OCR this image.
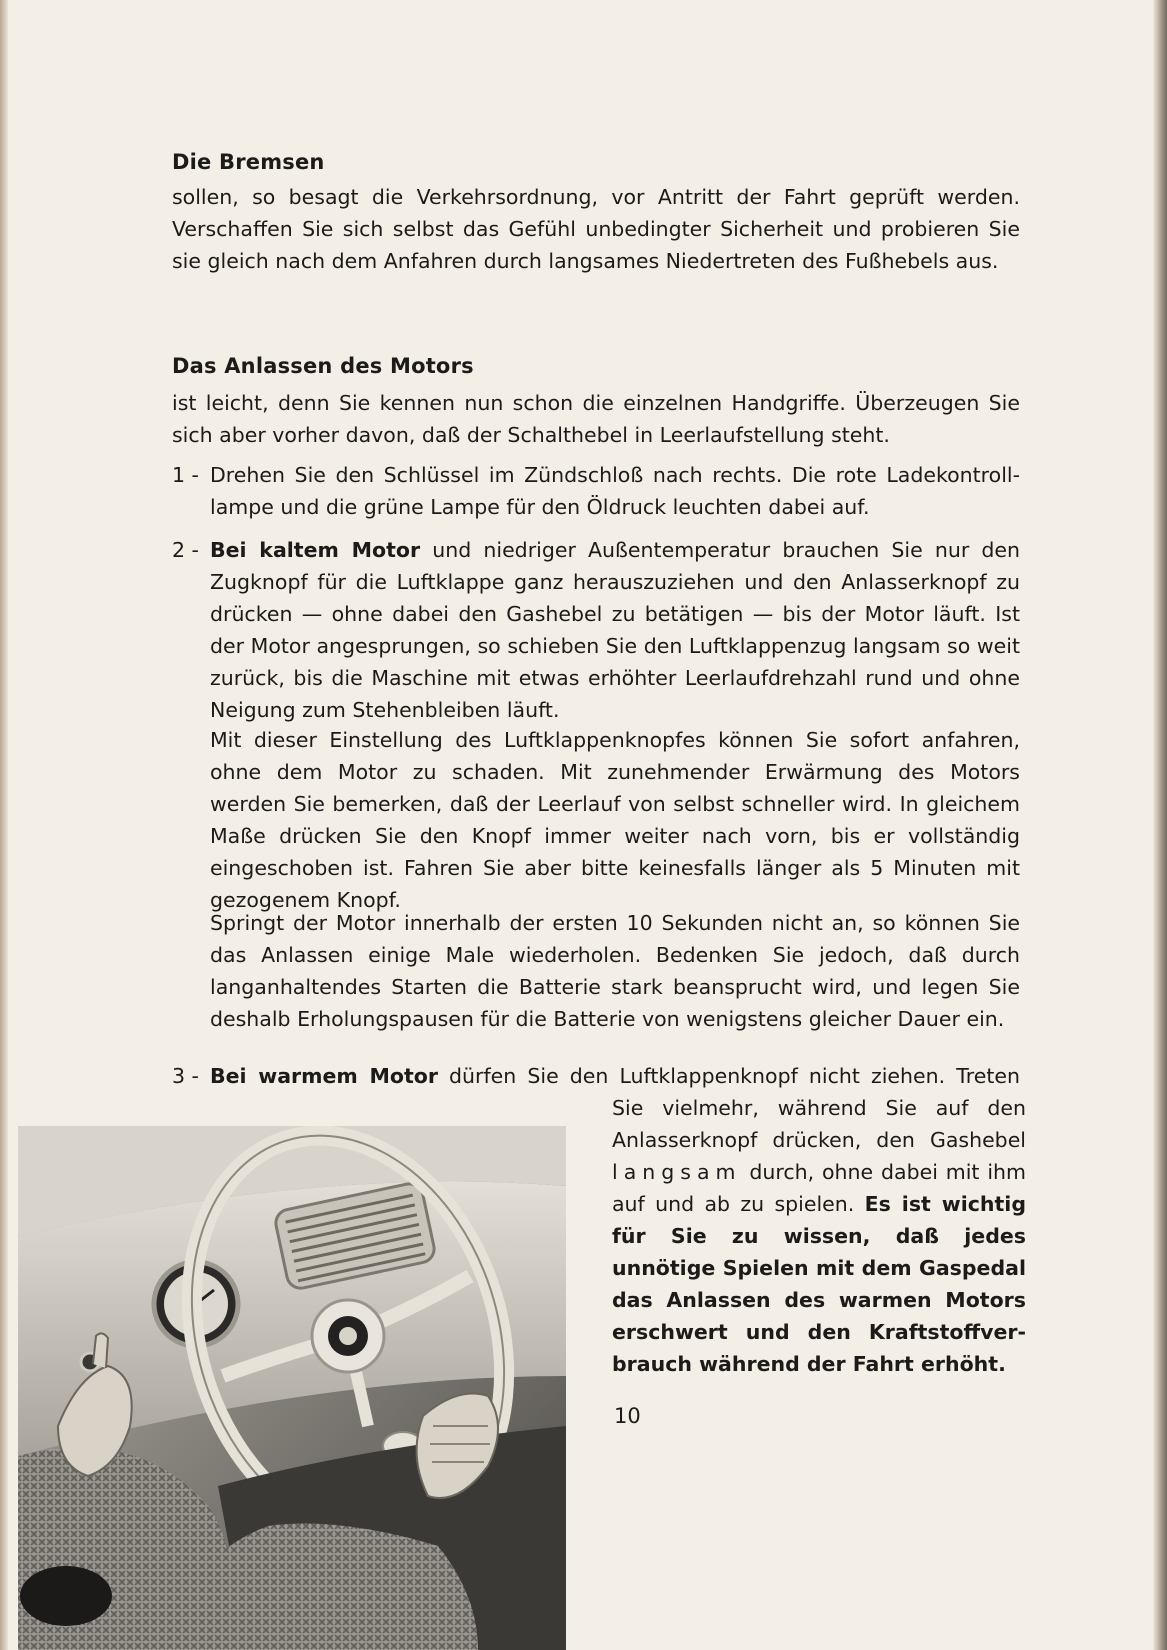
Die Bremsen

sollen, so besagt die Verkehrsordnung, vor Antritt der Fahrt geprüft werden. Verschaffen Sie sich selbst das Gefühl unbedingter Sicherheit und probieren Sie sie gleich nach dem Anfahren durch langsames Niedertreten des Fußhebels aus.

Das Anlassen des Motors

ist leicht, denn Sie kennen nun schon die einzelnen Handgriffe. Überzeugen Sie sich aber vorher davon, daß der Schalthebel in Leerlaufstellung steht.

1 - Drehen Sie den Schlüssel im Zündschloß nach rechts. Die rote Ladekontrolllampe und die grüne Lampe für den Öldruck leuchten dabei auf.

2 - Bei kaltem Motor und niedriger Außentemperatur brauchen Sie nur den Zugknopf für die Luftklappe ganz herauszuziehen und den Anlasserknopf zu drücken — ohne dabei den Gashebel zu betätigen — bis der Motor läuft. Ist der Motor angesprungen, so schieben Sie den Luftklappenzug langsam so weit zurück, bis die Maschine mit etwas erhöhter Leerlaufdrehzahl rund und ohne Neigung zum Stehenbleiben läuft.

Mit dieser Einstellung des Luftklappenknopfes können Sie sofort anfahren, ohne dem Motor zu schaden. Mit zunehmender Erwärmung des Motors werden Sie bemerken, daß der Leerlauf von selbst schneller wird. In gleichem Maße drücken Sie den Knopf immer weiter nach vorn, bis er vollständig eingeschoben ist. Fahren Sie aber bitte keinesfalls länger als 5 Minuten mit gezogenem Knopf.

Springt der Motor innerhalb der ersten 10 Sekunden nicht an, so können Sie das Anlassen einige Male wiederholen. Bedenken Sie jedoch, daß durch langanhaltendes Starten die Batterie stark beansprucht wird, und legen Sie deshalb Erholungspausen für die Batterie von wenigstens gleicher Dauer ein.

3 - Bei warmem Motor dürfen Sie den Luftklappenknopf nicht ziehen. Treten

Sie vielmehr, während Sie auf den Anlasserknopf drücken, den Gashebel langsam durch, ohne dabei mit ihm auf und ab zu spielen. Es ist wichtig für Sie zu wissen, daß jedes unnötige Spielen mit dem Gaspedal das Anlassen des warmen Motors erschwert und den Kraftstoffverbrauch während der Fahrt erhöht.

10
